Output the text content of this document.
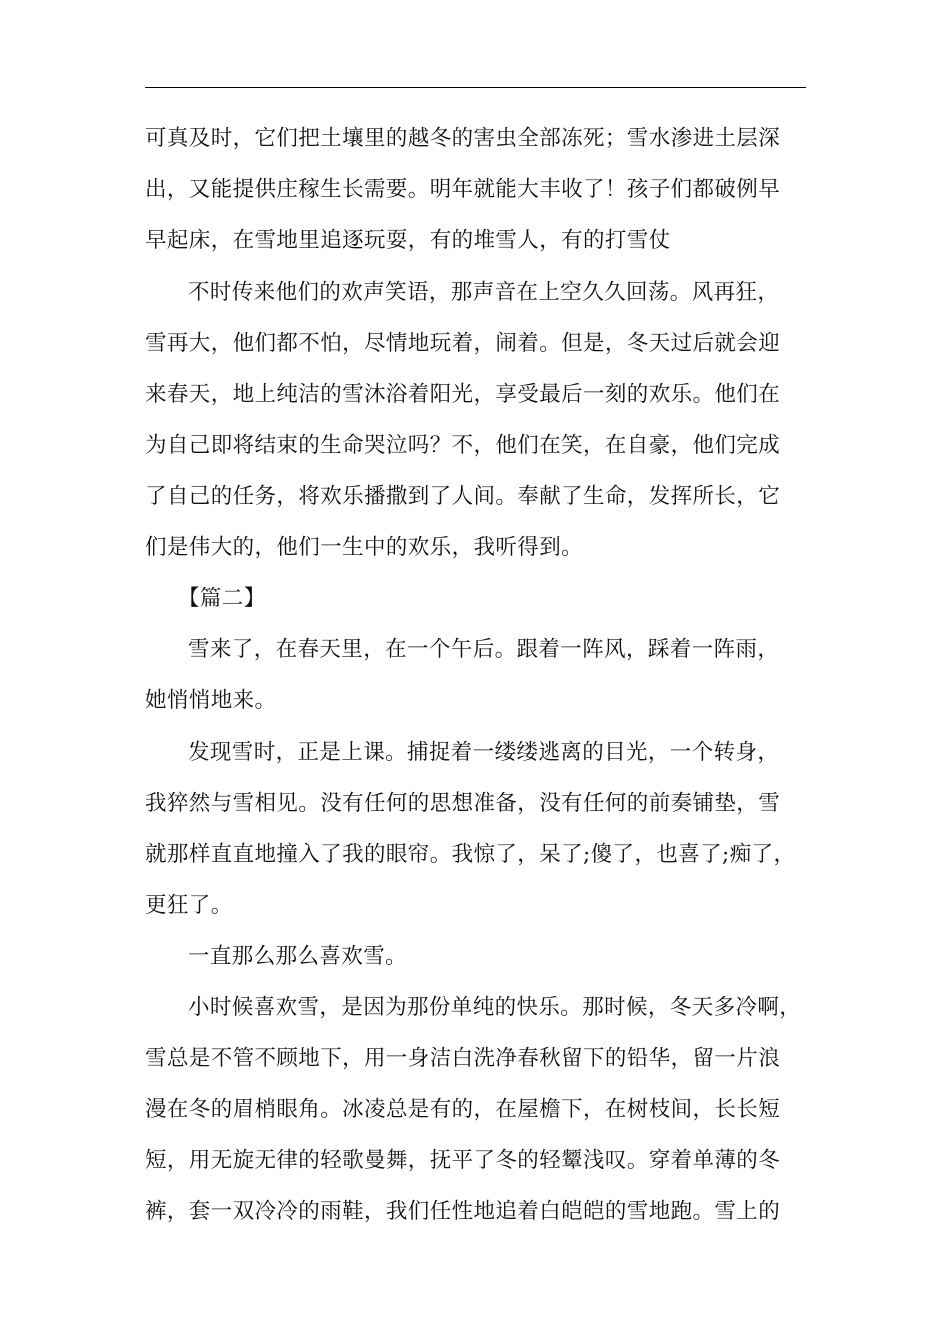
可真及时，它们把土壤里的越冬的害虫全部冻死；雪水渗进土层深
出，又能提供庄稼生长需要。明年就能大丰收了！孩子们都破例早
早起床，在雪地里追逐玩耍，有的堆雪人，有的打雪仗
不时传来他们的欢声笑语，那声音在上空久久回荡。风再狂，
雪再大，他们都不怕，尽情地玩着，闹着。但是，冬天过后就会迎
来春天，地上纯洁的雪沐浴着阳光，享受最后一刻的欢乐。他们在
为自己即将结束的生命哭泣吗？不，他们在笑，在自豪，他们完成
了自己的任务，将欢乐播撒到了人间。奉献了生命，发挥所长，它
们是伟大的，他们一生中的欢乐，我听得到。
【篇二】
雪来了，在春天里，在一个午后。跟着一阵风，踩着一阵雨，
她悄悄地来。
发现雪时，正是上课。捕捉着一缕缕逃离的目光，一个转身，
我猝然与雪相见。没有任何的思想准备，没有任何的前奏铺垫，雪
就那样直直地撞入了我的眼帘。我惊了，呆了;傻了，也喜了;痴了，
更狂了。
一直那么那么喜欢雪。
小时候喜欢雪，是因为那份单纯的快乐。那时候，冬天多冷啊，
雪总是不管不顾地下，用一身洁白洗净春秋留下的铅华，留一片浪
漫在冬的眉梢眼角。冰凌总是有的，在屋檐下，在树枝间，长长短
短，用无旋无律的轻歌曼舞，抚平了冬的轻颦浅叹。穿着单薄的冬
裤，套一双冷冷的雨鞋，我们任性地追着白皑皑的雪地跑。雪上的
